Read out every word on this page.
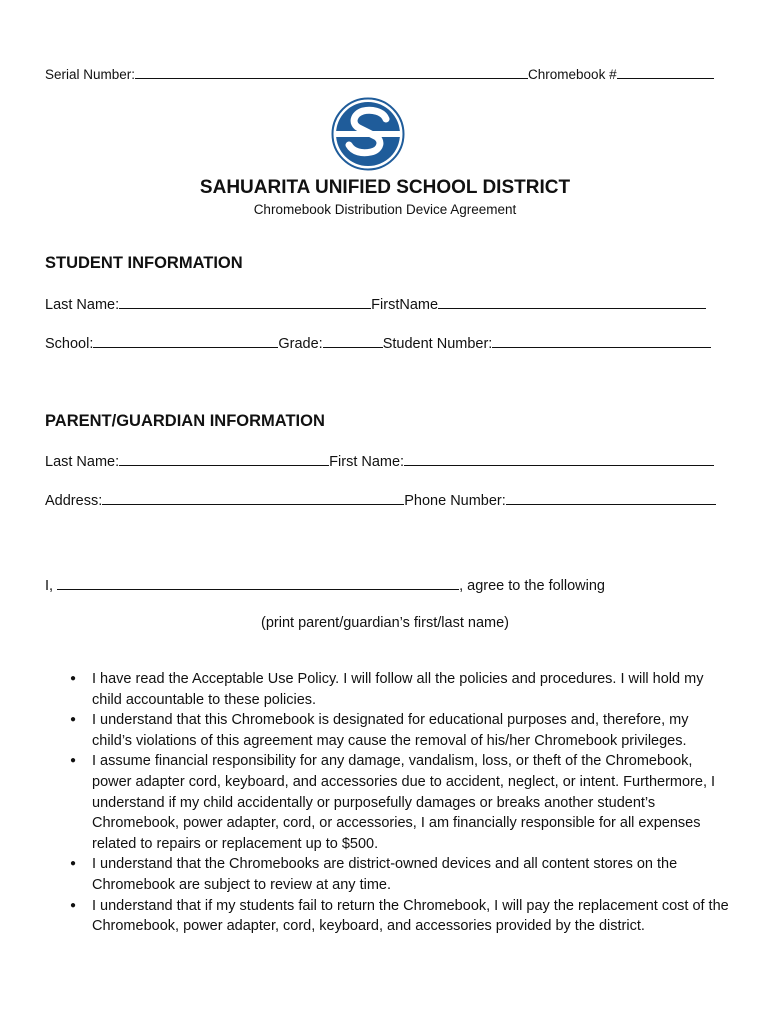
Serial Number:	Chromebook #
SAHUARITA UNIFIED SCHOOL DISTRICT
Chromebook Distribution Device Agreement
STUDENT INFORMATION
Last Name:	FirstName
School:	Grade:	Student Number:
PARENT/GUARDIAN INFORMATION
Last Name:	First Name:
Address:	Phone Number:
I,	, agree to the following
(print parent/guardian’s first/last name)
● I have read the Acceptable Use Policy. I will follow all the policies and procedures. I will hold my child accountable to these policies.
● I understand that this Chromebook is designated for educational purposes and, therefore, my child’s violations of this agreement may cause the removal of his/her Chromebook privileges.
● I assume financial responsibility for any damage, vandalism, loss, or theft of the Chromebook, power adapter cord, keyboard, and accessories due to accident, neglect, or intent. Furthermore, I understand if my child accidentally or purposefully damages or breaks another student’s Chromebook, power adapter, cord, or accessories, I am financially responsible for all expenses related to repairs or replacement up to $500.
● I understand that the Chromebooks are district-owned devices and all content stores on the Chromebook are subject to review at any time.
● I understand that if my students fail to return the Chromebook, I will pay the replacement cost of the Chromebook, power adapter, cord, keyboard, and accessories provided by the district.
